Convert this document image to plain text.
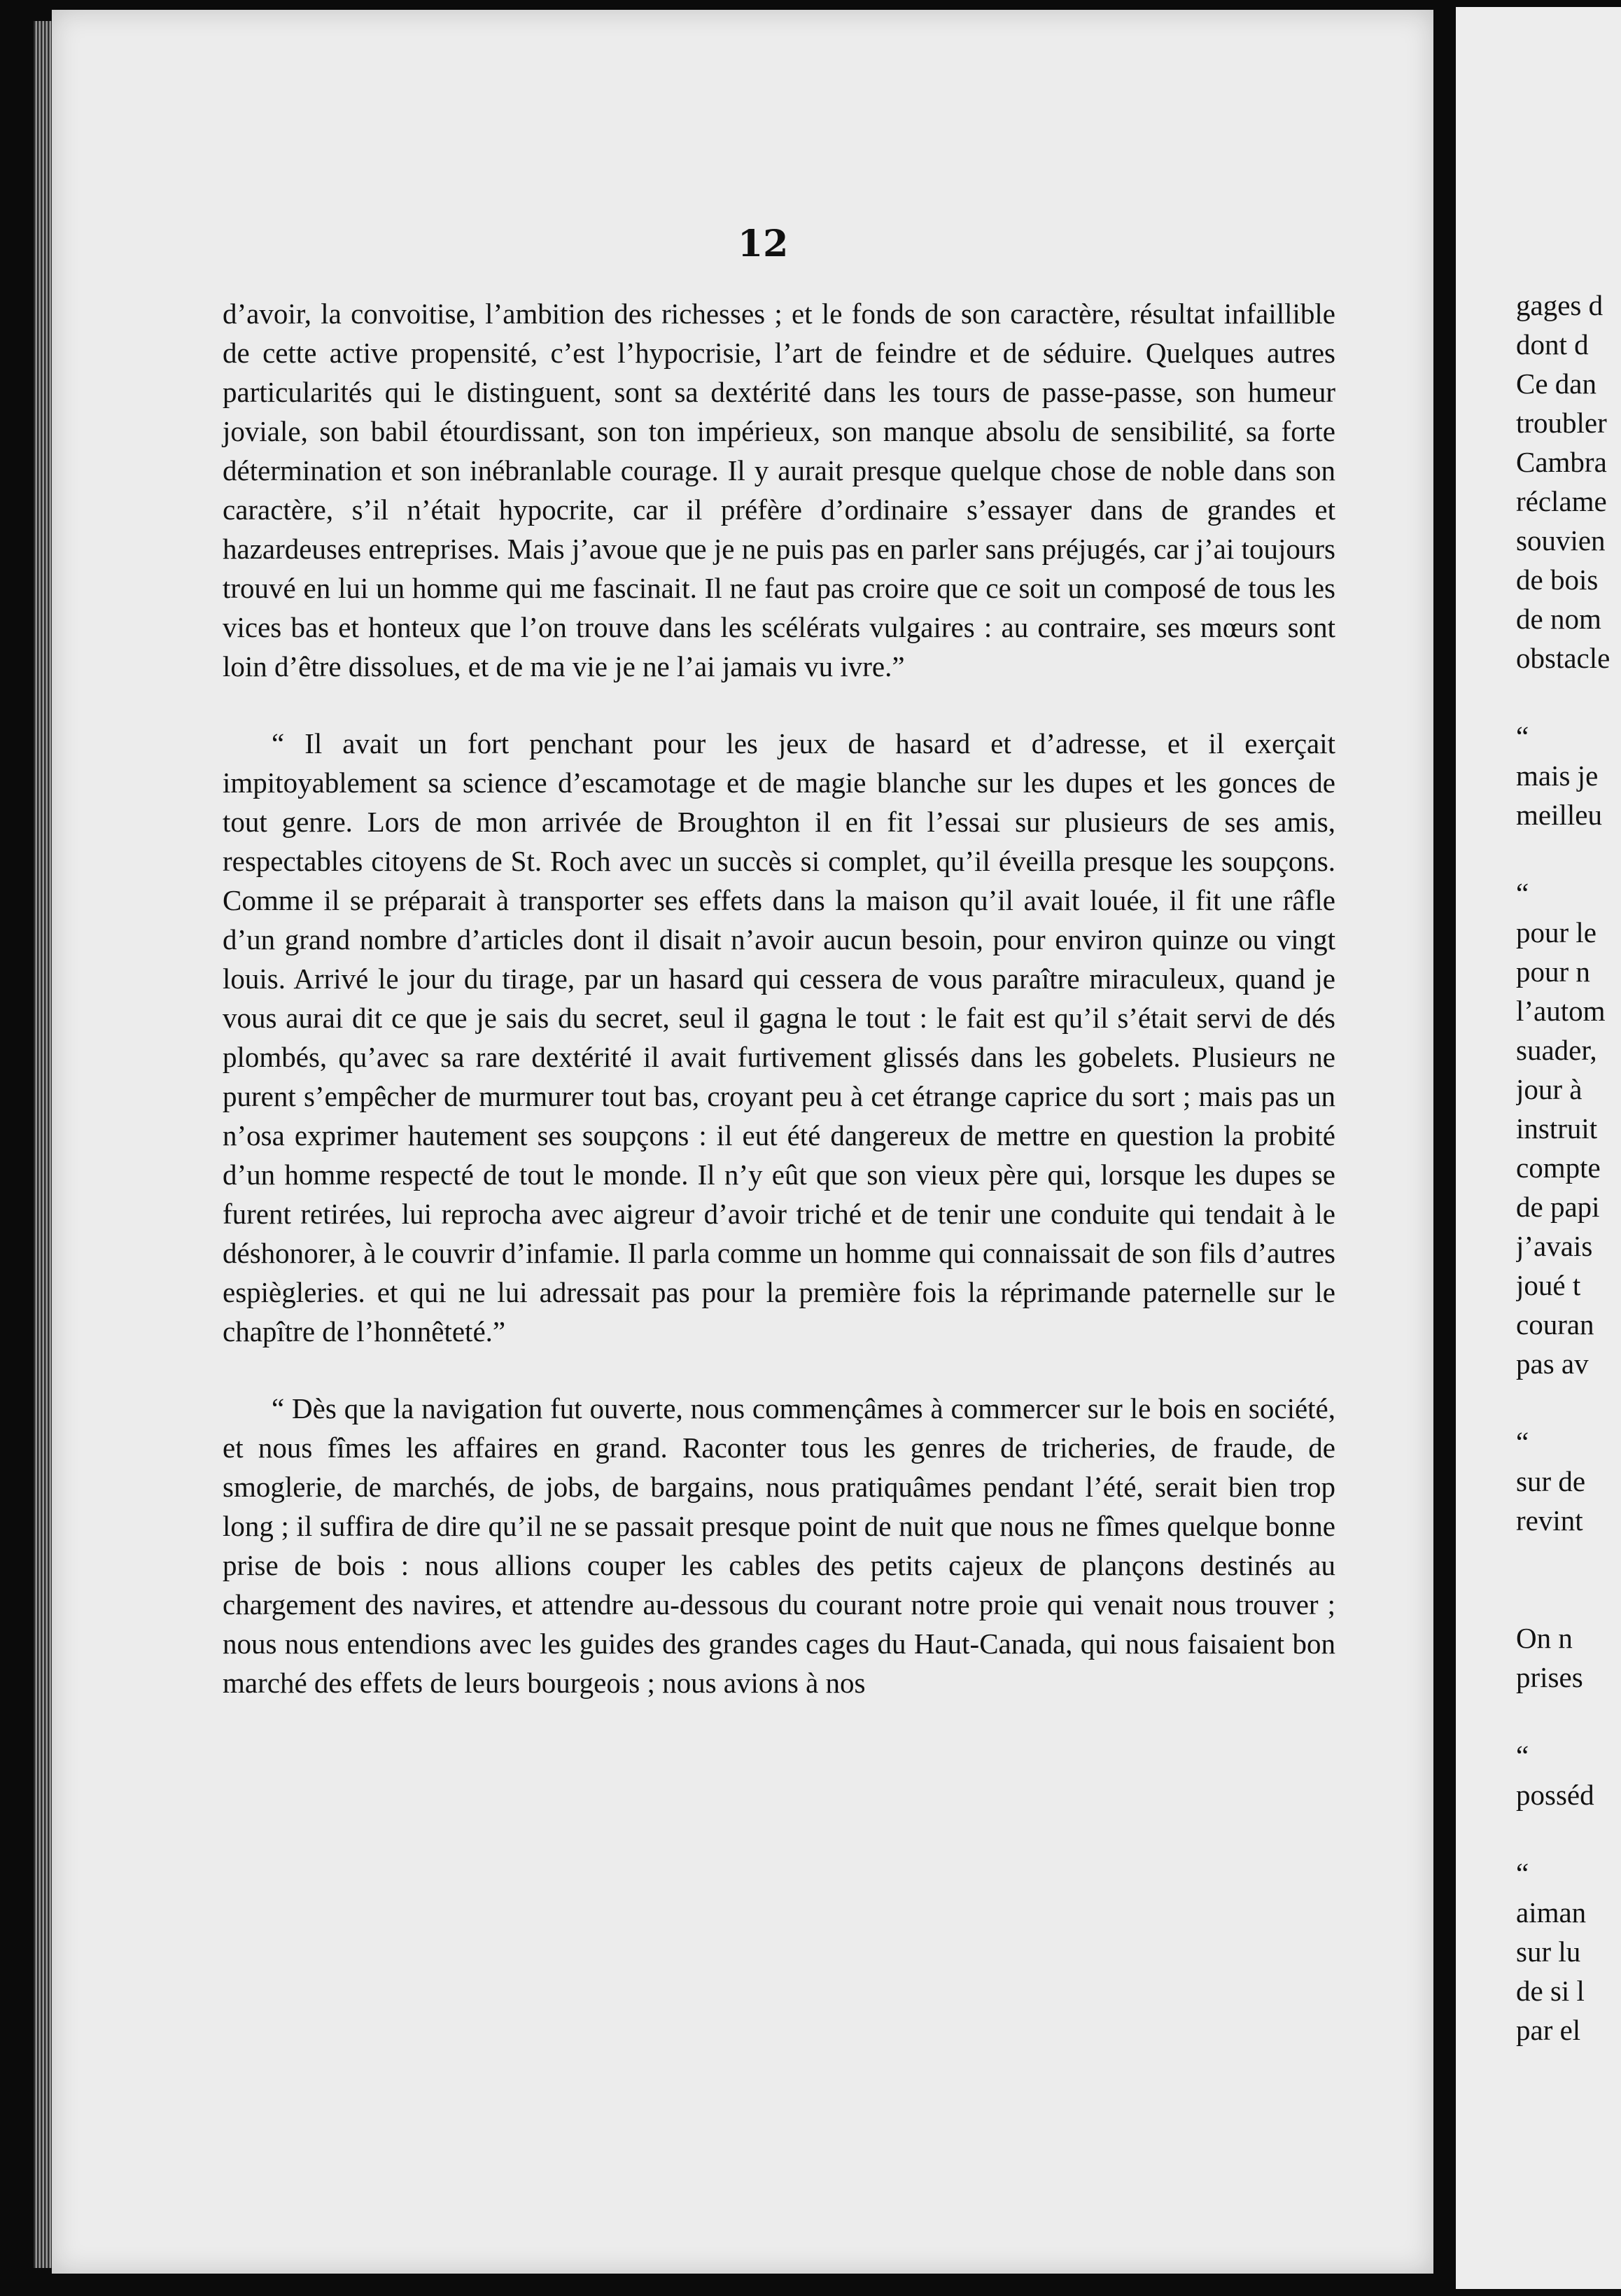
12

d’avoir, la convoitise, l’ambition des richesses ; et le fonds de son caractère, résultat infaillible de cette active propensité, c’est l’hypocrisie, l’art de feindre et de séduire. Quelques autres particularités qui le distinguent, sont sa dextérité dans les tours de passe-passe, son humeur joviale, son babil étourdissant, son ton impérieux, son manque absolu de sensibilité, sa forte détermination et son inébranlable courage. Il y aurait presque quelque chose de noble dans son caractère, s’il n’était hypocrite, car il préfère d’ordinaire s’essayer dans de grandes et hazardeuses entreprises. Mais j’avoue que je ne puis pas en parler sans préjugés, car j’ai toujours trouvé en lui un homme qui me fascinait. Il ne faut pas croire que ce soit un composé de tous les vices bas et honteux que l’on trouve dans les scélérats vulgaires : au contraire, ses mœurs sont loin d’être dissolues, et de ma vie je ne l’ai jamais vu ivre.”

“ Il avait un fort penchant pour les jeux de hasard et d’adresse, et il exerçait impitoyablement sa science d’escamotage et de magie blanche sur les dupes et les gonces de tout genre. Lors de mon arrivée de Broughton il en fit l’essai sur plusieurs de ses amis, respectables citoyens de St. Roch avec un succès si complet, qu’il éveilla presque les soupçons. Comme il se préparait à transporter ses effets dans la maison qu’il avait louée, il fit une râfle d’un grand nombre d’articles dont il disait n’avoir aucun besoin, pour environ quinze ou vingt louis. Arrivé le jour du tirage, par un hasard qui cessera de vous paraître miraculeux, quand je vous aurai dit ce que je sais du secret, seul il gagna le tout : le fait est qu’il s’était servi de dés plombés, qu’avec sa rare dextérité il avait furtivement glissés dans les gobelets. Plusieurs ne purent s’empêcher de murmurer tout bas, croyant peu à cet étrange caprice du sort ; mais pas un n’osa exprimer hautement ses soupçons : il eut été dangereux de mettre en question la probité d’un homme respecté de tout le monde. Il n’y eût que son vieux père qui, lorsque les dupes se furent retirées, lui reprocha avec aigreur d’avoir triché et de tenir une conduite qui tendait à le déshonorer, à le couvrir d’infamie. Il parla comme un homme qui connaissait de son fils d’autres espiègleries. et qui ne lui adressait pas pour la première fois la réprimande paternelle sur le chapître de l’honnêteté.”

“ Dès que la navigation fut ouverte, nous commençâmes à commercer sur le bois en société, et nous fîmes les affaires en grand. Raconter tous les genres de tricheries, de fraude, de smoglerie, de marchés, de jobs, de bargains, nous pratiquâmes pendant l’été, serait bien trop long ; il suffira de dire qu’il ne se passait presque point de nuit que nous ne fîmes quelque bonne prise de bois : nous allions couper les cables des petits cajeux de plançons destinés au chargement des navires, et attendre au-dessous du courant notre proie qui venait nous trouver ; nous nous entendions avec les guides des grandes cages du Haut-Canada, qui nous faisaient bon marché des effets de leurs bourgeois ; nous avions à nos

gages d
dont d
Ce dan
troubler
Cambra
réclame
souvien
de bois
de nom
obstacle
“
mais je
meilleu
“
pour le
pour n
l’autom
suader,
jour à
instruit
compte
de papi
j’avais
joué t
couran
pas av
“
sur de
revint
On n
prises
“
posséd
“
aiman
sur lu
de si l
par el
